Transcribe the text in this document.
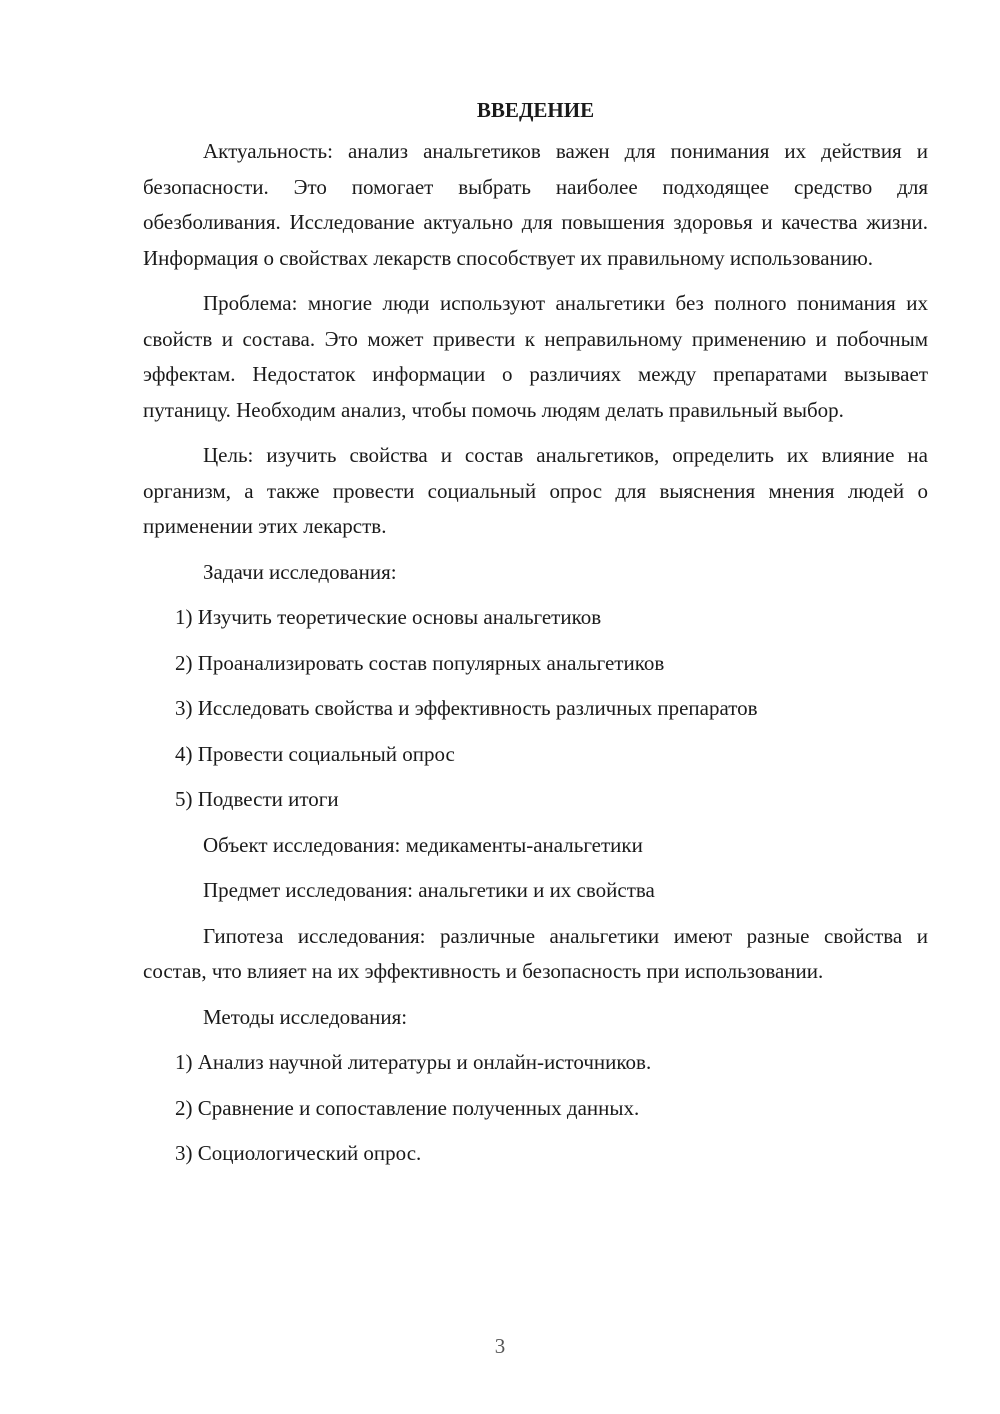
ВВЕДЕНИЕ

Актуальность: анализ анальгетиков важен для понимания их действия и безопасности. Это помогает выбрать наиболее подходящее средство для обезболивания. Исследование актуально для повышения здоровья и качества жизни. Информация о свойствах лекарств способствует их правильному использованию.

Проблема: многие люди используют анальгетики без полного понимания их свойств и состава. Это может привести к неправильному применению и побочным эффектам. Недостаток информации о различиях между препаратами вызывает путаницу. Необходим анализ, чтобы помочь людям делать правильный выбор.

Цель: изучить свойства и состав анальгетиков, определить их влияние на организм, а также провести социальный опрос для выяснения мнения людей о применении этих лекарств.

Задачи исследования:

1) Изучить теоретические основы анальгетиков
2) Проанализировать состав популярных анальгетиков
3) Исследовать свойства и эффективность различных препаратов
4) Провести социальный опрос
5) Подвести итоги

Объект исследования: медикаменты-анальгетики

Предмет исследования: анальгетики и их свойства

Гипотеза исследования: различные анальгетики имеют разные свойства и состав, что влияет на их эффективность и безопасность при использовании.

Методы исследования:

1) Анализ научной литературы и онлайн-источников.
2) Сравнение и сопоставление полученных данных.
3) Социологический опрос.
3
